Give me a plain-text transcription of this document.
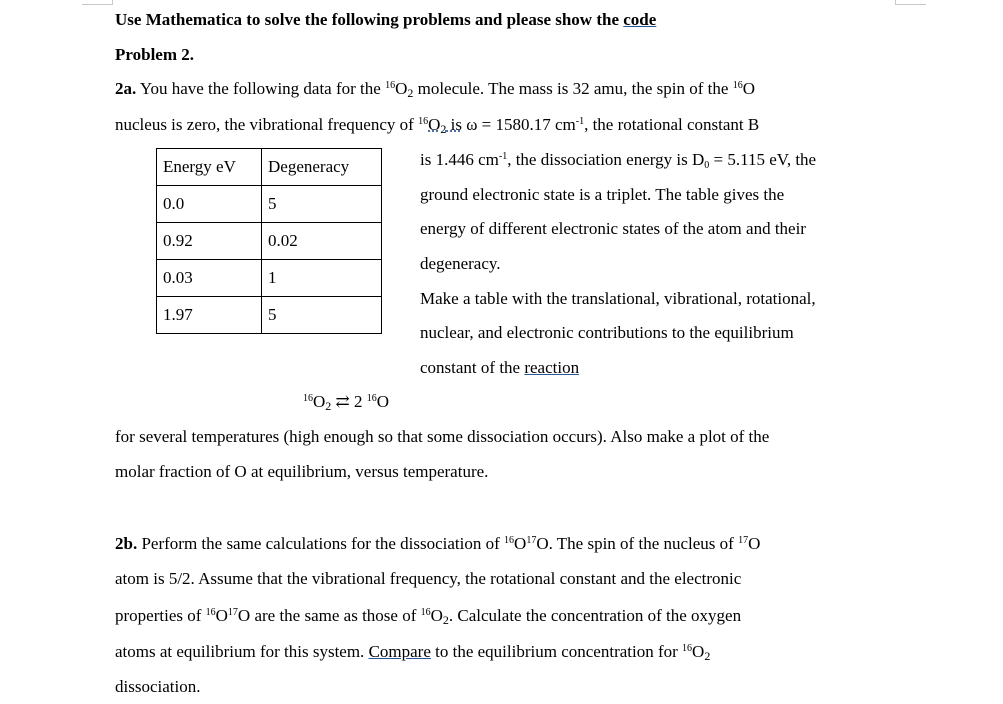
Use Mathematica to solve the following problems and please show the code
Problem 2.
2a. You have the following data for the $^{16}O_2$ molecule. The mass is 32 amu, the spin of the $^{16}$O
nucleus is zero, the vibrational frequency of $^{16}O_2$ is ω = 1580.17 $cm^{-1}$, the rotational constant B
Energy eV	Degeneracy
0.0	5
0.92	0.02
0.03	1
1.97	5
is 1.446 $cm^{-1}$, the dissociation energy is $D_0 = 5.115$ eV, the
ground electronic state is a triplet. The table gives the
energy of different electronic states of the atom and their
degeneracy.
Make a table with the translational, vibrational, rotational,
nuclear, and electronic contributions to the equilibrium
constant of the reaction
$^{16}O_2$ ⇄ 2 $^{16}$O
for several temperatures (high enough so that some dissociation occurs). Also make a plot of the
molar fraction of O at equilibrium, versus temperature.
2b. Perform the same calculations for the dissociation of $^{16}O^{17}O$. The spin of the nucleus of $^{17}$O
atom is 5/2. Assume that the vibrational frequency, the rotational constant and the electronic
properties of $^{16}O^{17}O$ are the same as those of $^{16}O_2$. Calculate the concentration of the oxygen
atoms at equilibrium for this system. Compare to the equilibrium concentration for $^{16}O_2$
dissociation.
